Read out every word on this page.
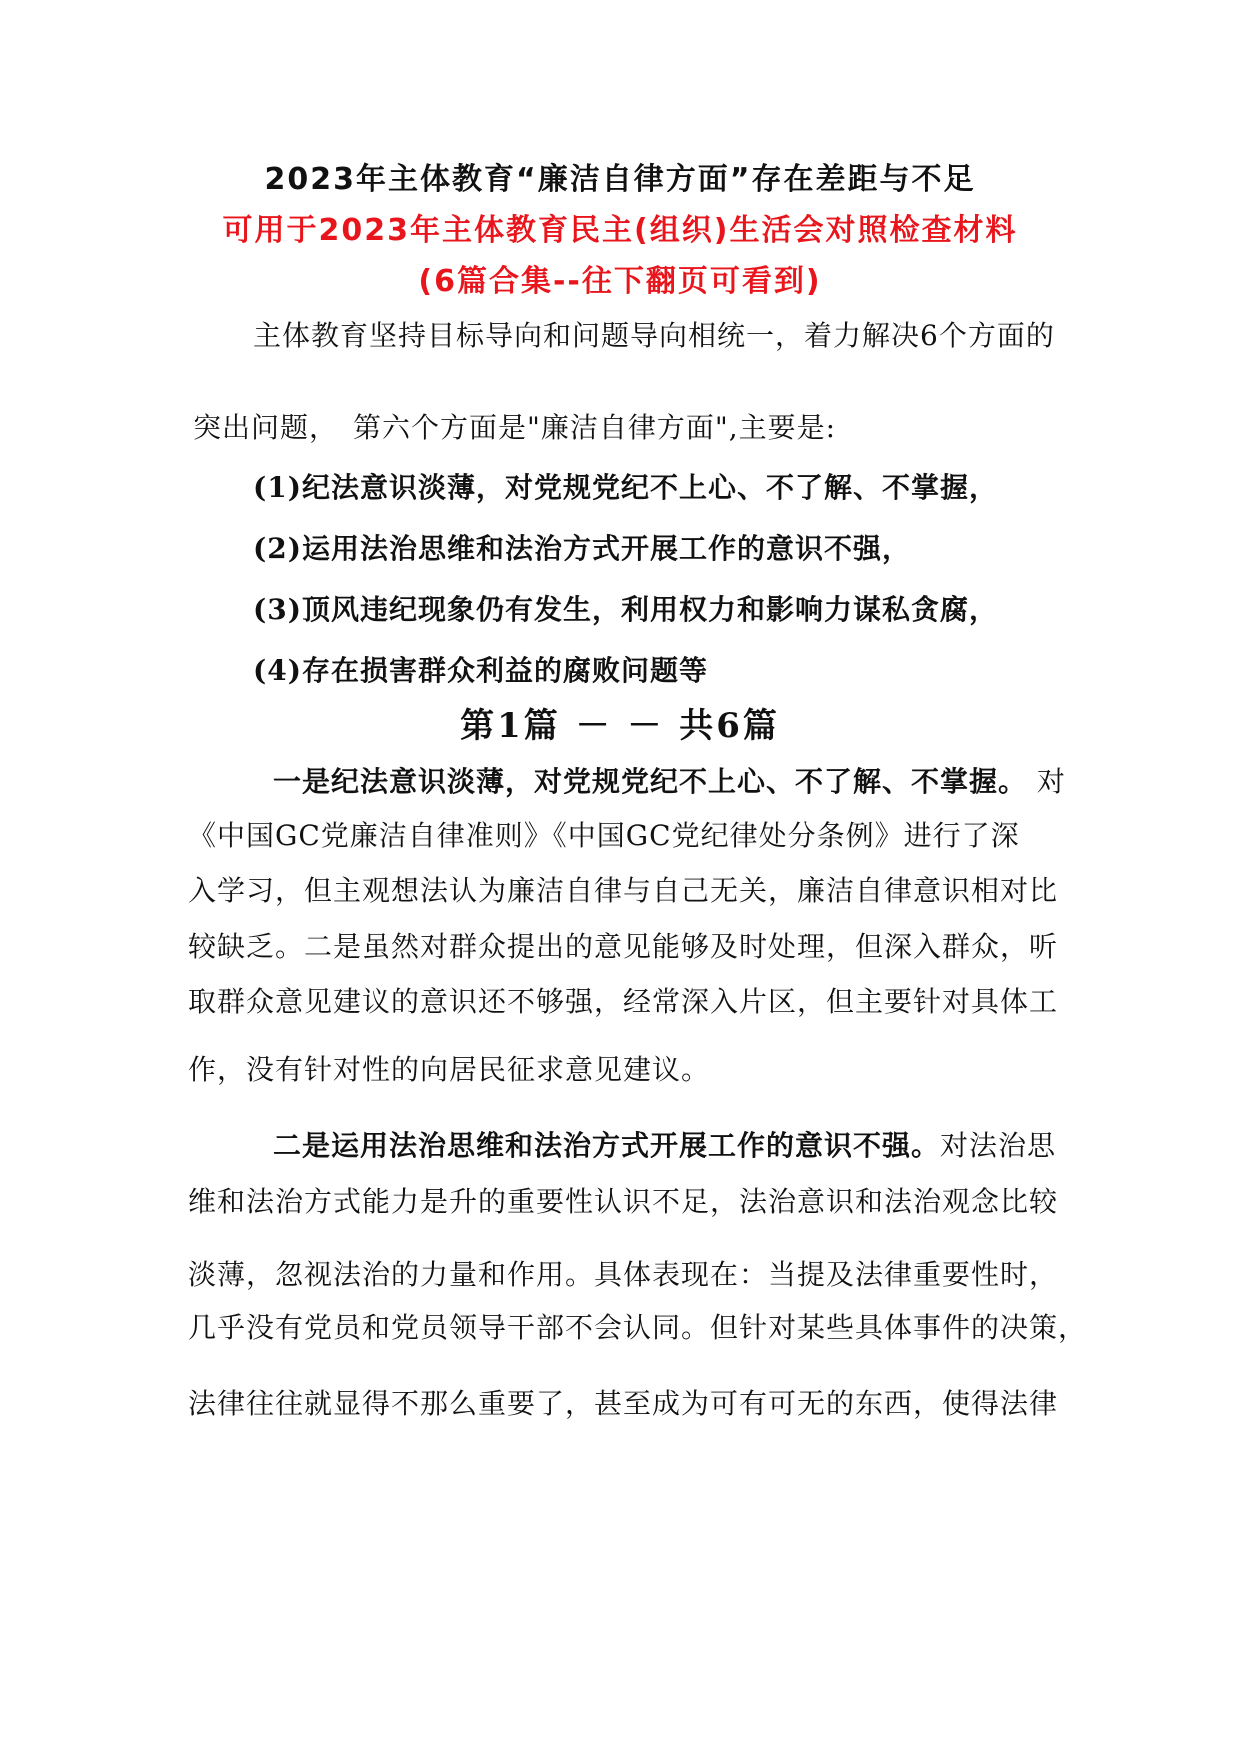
2023年主体教育“廉洁自律方面”存在差距与不足
可用于2023年主体教育民主(组织)生活会对照检查材料
(6篇合集--往下翻页可看到)
主体教育坚持目标导向和问题导向相统一，着力解决6个方面的
突出问题，　第六个方面是"廉洁自律方面",主要是:
(1)纪法意识淡薄，对党规党纪不上心、不了解、不掌握，
(2)运用法治思维和法治方式开展工作的意识不强，
(3)顶风违纪现象仍有发生，利用权力和影响力谋私贪腐，
(4)存在损害群众利益的腐败问题等
第1篇 － － 共6篇
一是纪法意识淡薄，对党规党纪不上心、不了解、不掌握。 对
《中国GC党廉洁自律准则》《中国GC党纪律处分条例》进行了深
入学习，但主观想法认为廉洁自律与自己无关，廉洁自律意识相对比
较缺乏。二是虽然对群众提出的意见能够及时处理，但深入群众，听
取群众意见建议的意识还不够强，经常深入片区，但主要针对具体工
作，没有针对性的向居民征求意见建议。
二是运用法治思维和法治方式开展工作的意识不强。对法治思
维和法治方式能力是升的重要性认识不足，法治意识和法治观念比较
淡薄，忽视法治的力量和作用。具体表现在：当提及法律重要性时，
几乎没有党员和党员领导干部不会认同。但针对某些具体事件的决策，
法律往往就显得不那么重要了，甚至成为可有可无的东西，使得法律
